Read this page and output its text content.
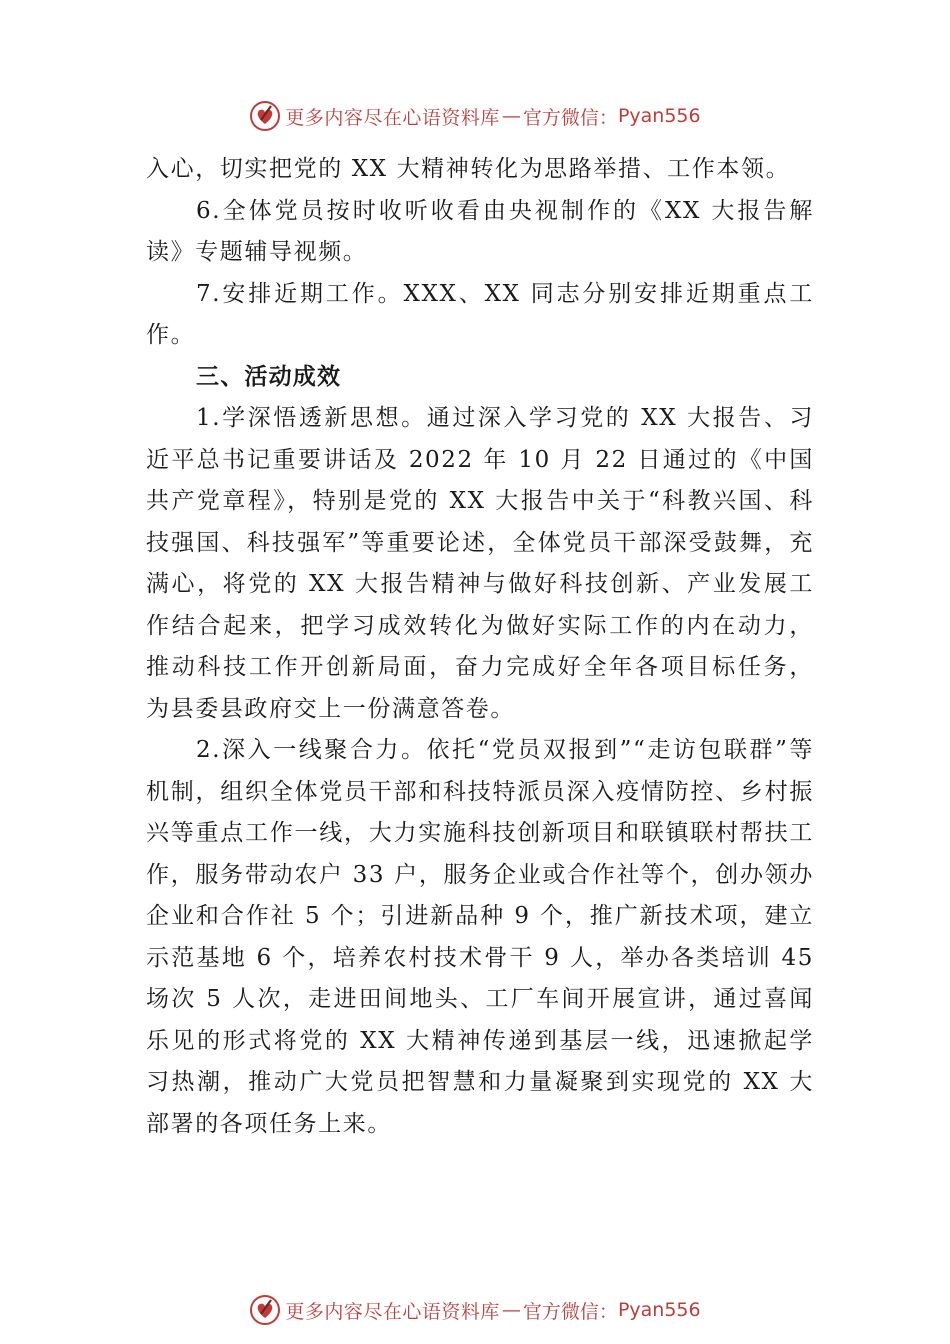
更多内容尽在心语资料库 — 官方微信： Pyan556

入心，切实把党的 XX 大精神转化为思路举措、工作本领。

6.全体党员按时收听收看由央视制作的《XX 大报告解读》专题辅导视频。

7.安排近期工作。XXX、XX 同志分别安排近期重点工作。

三、活动成效

1.学深悟透新思想。通过深入学习党的 XX 大报告、习近平总书记重要讲话及 2022 年 10 月 22 日通过的《中国共产党章程》，特别是党的 XX 大报告中关于“科教兴国、科技强国、科技强军”等重要论述，全体党员干部深受鼓舞，充满心，将党的 XX 大报告精神与做好科技创新、产业发展工作结合起来，把学习成效转化为做好实际工作的内在动力， 推动科技工作开创新局面，奋力完成好全年各项目标任务， 为县委县政府交上一份满意答卷。

2.深入一线聚合力。依托“党员双报到”“走访包联群”等机制，组织全体党员干部和科技特派员深入疫情防控、乡村振兴等重点工作一线，大力实施科技创新项目和联镇联村帮扶工作，服务带动农户 33 户，服务企业或合作社等个，创办领办企业和合作社 5 个；引进新品种 9 个，推广新技术项，建立示范基地 6 个，培养农村技术骨干 9 人，举办各类培训 45 场次 5 人次，走进田间地头、工厂车间开展宣讲，通过喜闻乐见的形式将党的 XX 大精神传递到基层一线，迅速掀起学习热潮，推动广大党员把智慧和力量凝聚到实现党的 XX 大部署的各项任务上来。

更多内容尽在心语资料库 — 官方微信： Pyan556
